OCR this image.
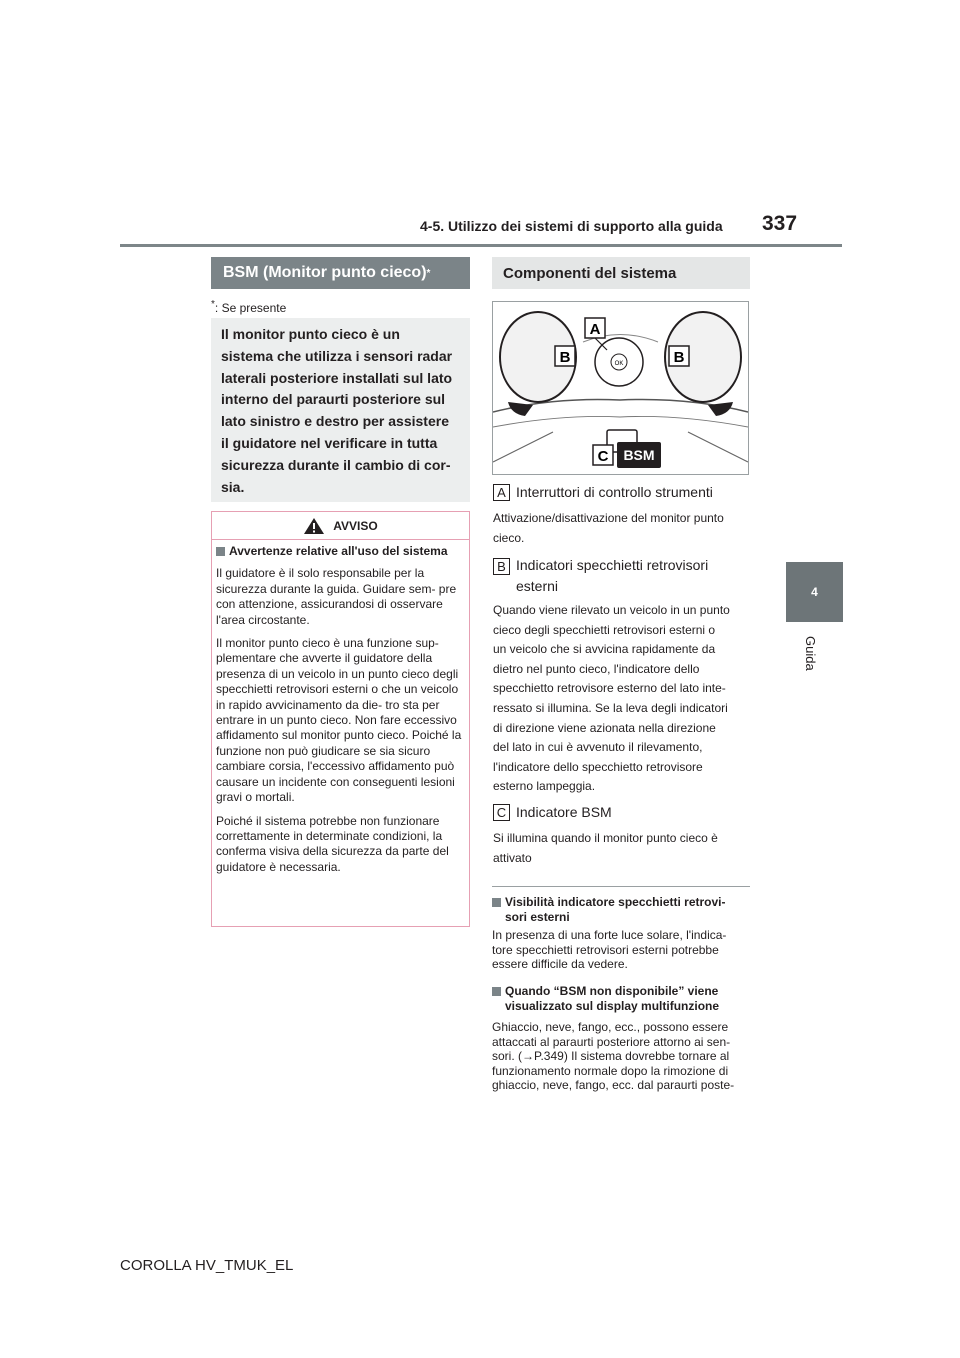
4-5. Utilizzo dei sistemi di supporto alla guida 337
4
Guida
BSM (Monitor punto cieco) *
*: Se presente
Il monitor punto cieco è un
sistema che utilizza i sensori radar
laterali posteriore installati sul lato
interno del paraurti posteriore sul
lato sinistro e destro per assistere
il guidatore nel verificare in tutta
sicurezza durante il cambio di cor-
sia.
AVVISO
Avvertenze relative all'uso del sistema

Il guidatore è il solo responsabile per la sicurezza durante la guida. Guidare sem- pre con attenzione, assicurandosi di osservare l'area circostante.

Il monitor punto cieco è una funzione sup- plementare che avverte il guidatore della presenza di un veicolo in un punto cieco degli specchietti retrovisori esterni o che un veicolo in rapido avvicinamento da die- tro sta per entrare in un punto cieco. Non fare eccessivo affidamento sul monitor punto cieco. Poiché la funzione non può giudicare se sia sicuro cambiare corsia, l'eccessivo affidamento può causare un incidente con conseguenti lesioni gravi o mortali.

Poiché il sistema potrebbe non funzionare correttamente in determinate condizioni, la conferma visiva della sicurezza da parte del guidatore è necessaria.

Componenti del sistema
OK
A
B	B
C BSM
A Interruttori di controllo strumenti
Attivazione/disattivazione del monitor punto
cieco.
B Indicatori specchietti retrovisori
esterni
Quando viene rilevato un veicolo in un punto
cieco degli specchietti retrovisori esterni o
un veicolo che si avvicina rapidamente da
dietro nel punto cieco, l'indicatore dello
specchietto retrovisore esterno del lato inte-
ressato si illumina. Se la leva degli indicatori
di direzione viene azionata nella direzione
del lato in cui è avvenuto il rilevamento,
l'indicatore dello specchietto retrovisore
esterno lampeggia.
C Indicatore BSM
Si illumina quando il monitor punto cieco è
attivato
Visibilità indicatore specchietti retrovi-
sori esterni
In presenza di una forte luce solare, l'indica-
tore specchietti retrovisori esterni potrebbe
essere difficile da vedere.
Quando “BSM non disponibile” viene
visualizzato sul display multifunzione
Ghiaccio, neve, fango, ecc., possono essere
attaccati al paraurti posteriore attorno ai sen-
sori. (→P.349) Il sistema dovrebbe tornare al
funzionamento normale dopo la rimozione di
ghiaccio, neve, fango, ecc. dal paraurti poste-
COROLLA HV_TMUK_EL
